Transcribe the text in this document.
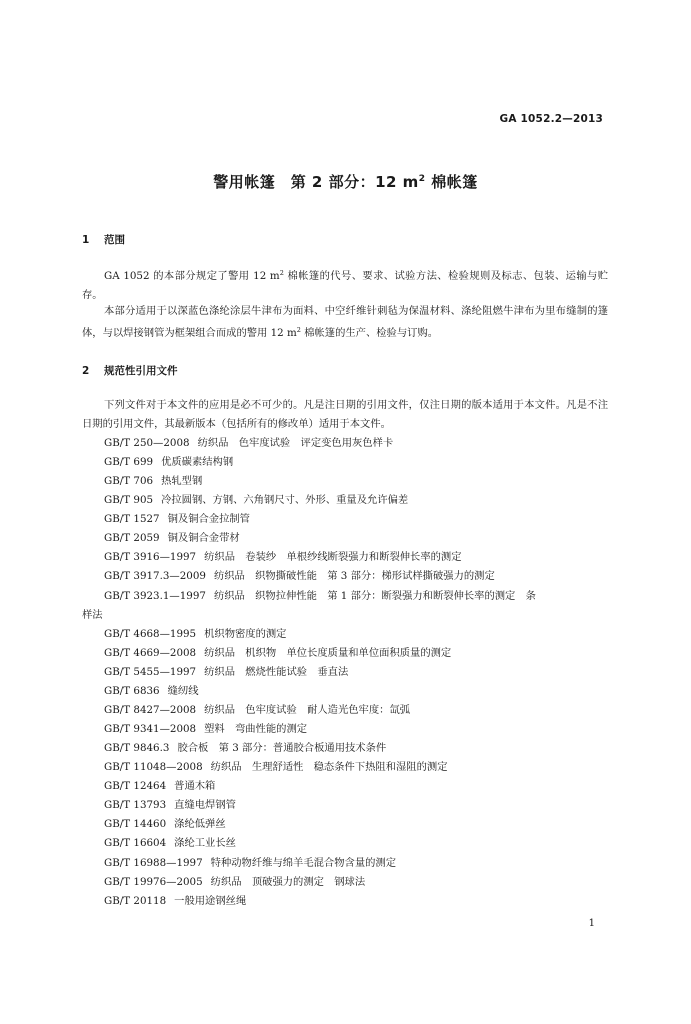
GA 1052.2—2013
警用帐篷　第 2 部分：12 $m^2$ 棉帐篷
1 范围

GA 1052 的本部分规定了警用 12 $m^2$ 棉帐篷的代号、要求、试验方法、检验规则及标志、包装、运输与贮存。

本部分适用于以深蓝色涤纶涂层牛津布为面料、中空纤维针刺毡为保温材料、涤纶阻燃牛津布为里布缝制的篷体，与以焊接钢管为框架组合而成的警用 12 $m^2$ 棉帐篷的生产、检验与订购。

2 规范性引用文件

下列文件对于本文件的应用是必不可少的。凡是注日期的引用文件，仅注日期的版本适用于本文件。凡是不注日期的引用文件，其最新版本（包括所有的修改单）适用于本文件。

GB/T 250—2008 纺织品　色牢度试验　评定变色用灰色样卡
GB/T 699 优质碳素结构钢
GB/T 706 热轧型钢
GB/T 905 冷拉圆钢、方钢、六角钢尺寸、外形、重量及允许偏差
GB/T 1527 铜及铜合金拉制管
GB/T 2059 铜及铜合金带材
GB/T 3916—1997 纺织品　卷装纱　单根纱线断裂强力和断裂伸长率的测定
GB/T 3917.3—2009 纺织品　织物撕破性能　第 3 部分：梯形试样撕破强力的测定
GB/T 3923.1—1997 纺织品　织物拉伸性能　第 1 部分：断裂强力和断裂伸长率的测定　条
样法
GB/T 4668—1995 机织物密度的测定
GB/T 4669—2008 纺织品　机织物　单位长度质量和单位面积质量的测定
GB/T 5455—1997 纺织品　燃烧性能试验　垂直法
GB/T 6836 缝纫线
GB/T 8427—2008 纺织品　色牢度试验　耐人造光色牢度：氙弧
GB/T 9341—2008 塑料　弯曲性能的测定
GB/T 9846.3 胶合板　第 3 部分：普通胶合板通用技术条件
GB/T 11048—2008 纺织品　生理舒适性　稳态条件下热阻和湿阻的测定
GB/T 12464 普通木箱
GB/T 13793 直缝电焊钢管
GB/T 14460 涤纶低弹丝
GB/T 16604 涤纶工业长丝
GB/T 16988—1997 特种动物纤维与绵羊毛混合物含量的测定
GB/T 19976—2005 纺织品　顶破强力的测定　钢球法
GB/T 20118 一般用途钢丝绳
1
